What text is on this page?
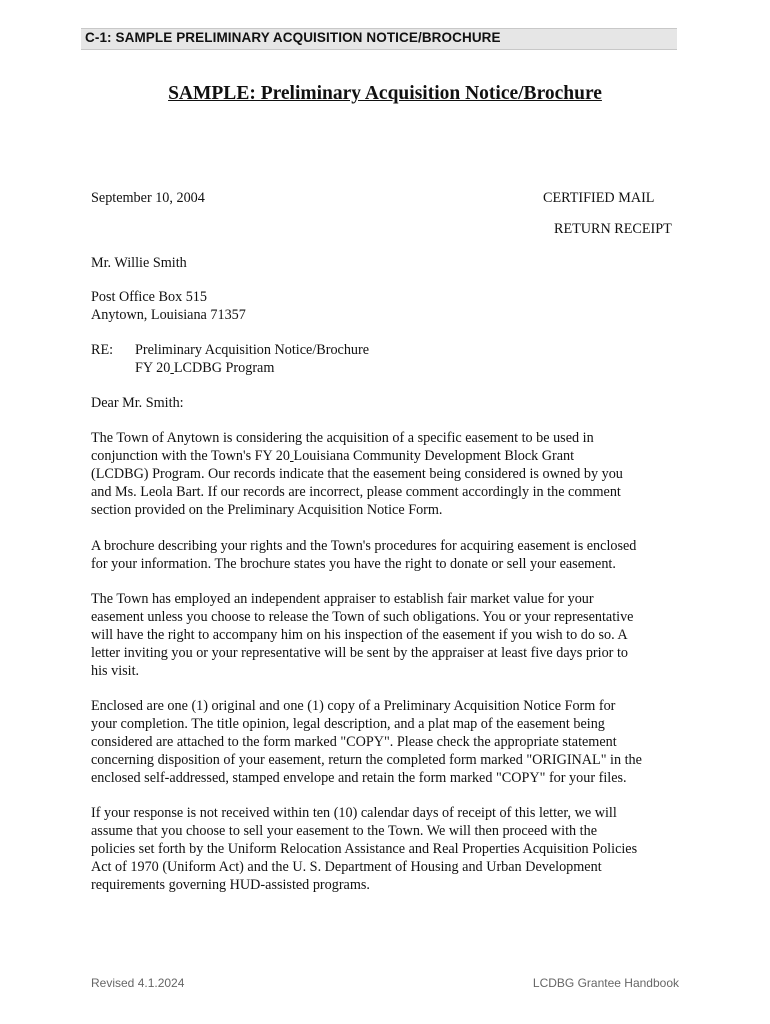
C-1: SAMPLE PRELIMINARY ACQUISITION NOTICE/BROCHURE
SAMPLE: Preliminary Acquisition Notice/Brochure
September 10, 2004	CERTIFIED MAIL
RETURN RECEIPT
Mr. Willie Smith
Post Office Box 515
Anytown, Louisiana 71357
RE: Preliminary Acquisition Notice/Brochure
FY 20 LCDBG Program
Dear Mr. Smith:
The Town of Anytown is considering the acquisition of a specific easement to be used in
conjunction with the Town's FY 20 Louisiana Community Development Block Grant
(LCDBG) Program. Our records indicate that the easement being considered is owned by you
and Ms. Leola Bart. If our records are incorrect, please comment accordingly in the comment
section provided on the Preliminary Acquisition Notice Form.
A brochure describing your rights and the Town's procedures for acquiring easement is enclosed
for your information. The brochure states you have the right to donate or sell your easement.
The Town has employed an independent appraiser to establish fair market value for your
easement unless you choose to release the Town of such obligations. You or your representative
will have the right to accompany him on his inspection of the easement if you wish to do so. A
letter inviting you or your representative will be sent by the appraiser at least five days prior to
his visit.
Enclosed are one (1) original and one (1) copy of a Preliminary Acquisition Notice Form for
your completion. The title opinion, legal description, and a plat map of the easement being
considered are attached to the form marked "COPY". Please check the appropriate statement
concerning disposition of your easement, return the completed form marked "ORIGINAL" in the
enclosed self-addressed, stamped envelope and retain the form marked "COPY" for your files.
If your response is not received within ten (10) calendar days of receipt of this letter, we will
assume that you choose to sell your easement to the Town. We will then proceed with the
policies set forth by the Uniform Relocation Assistance and Real Properties Acquisition Policies
Act of 1970 (Uniform Act) and the U. S. Department of Housing and Urban Development
requirements governing HUD-assisted programs.
Revised 4.1.2024	LCDBG Grantee Handbook
